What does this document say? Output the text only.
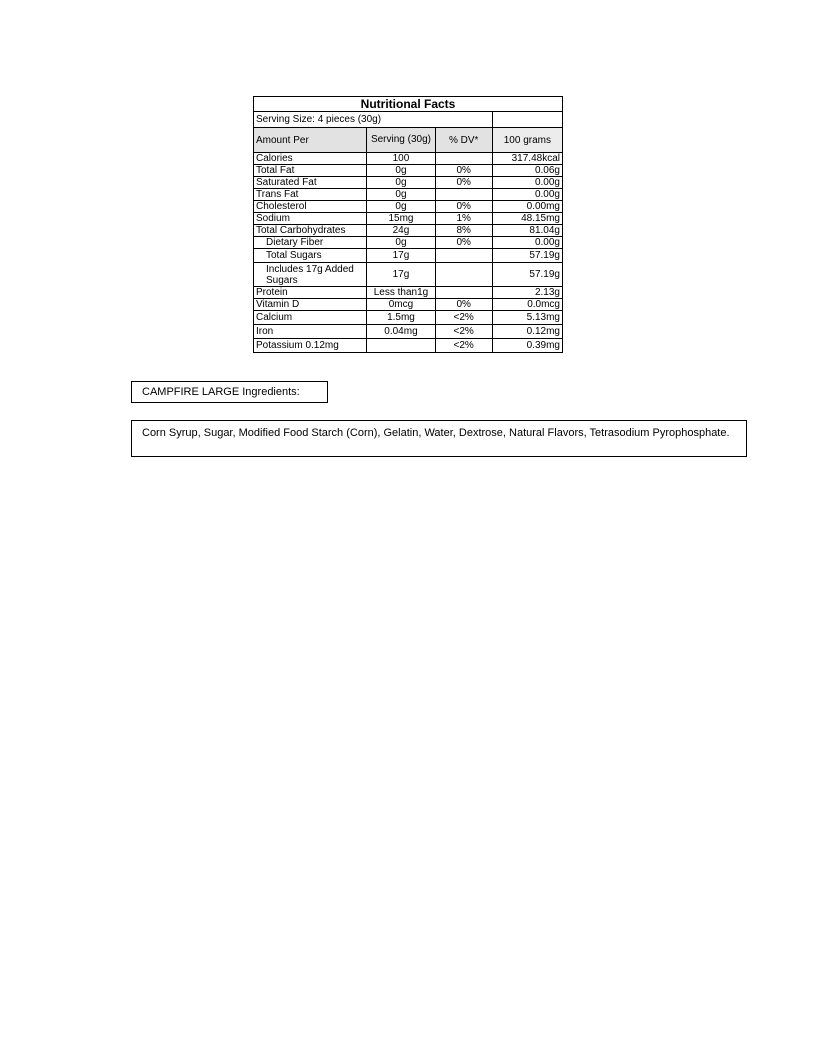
Nutritional Facts			
Serving Size: 4 pieces (30g)			
Amount Per	Serving (30g)	% DV*	100 grams
Calories	100		317.48kcal
Total Fat	0g	0%	0.06g
Saturated Fat	0g	0%	0.00g
Trans Fat	0g		0.00g
Cholesterol	0g	0%	0.00mg
Sodium	15mg	1%	48.15mg
Total Carbohydrates	24g	8%	81.04g
Dietary Fiber	0g	0%	0.00g
Total Sugars	17g		57.19g
Includes 17g Added Sugars	17g		57.19g
Protein	Less than1g		2.13g
Vitamin D	0mcg	0%	0.0mcg
Calcium	1.5mg	<2%	5.13mg
Iron	0.04mg	<2%	0.12mg
Potassium 0.12mg		<2%	0.39mg
CAMPFIRE LARGE Ingredients:
Corn Syrup, Sugar, Modified Food Starch (Corn), Gelatin, Water, Dextrose, Natural Flavors, Tetrasodium Pyrophosphate.
